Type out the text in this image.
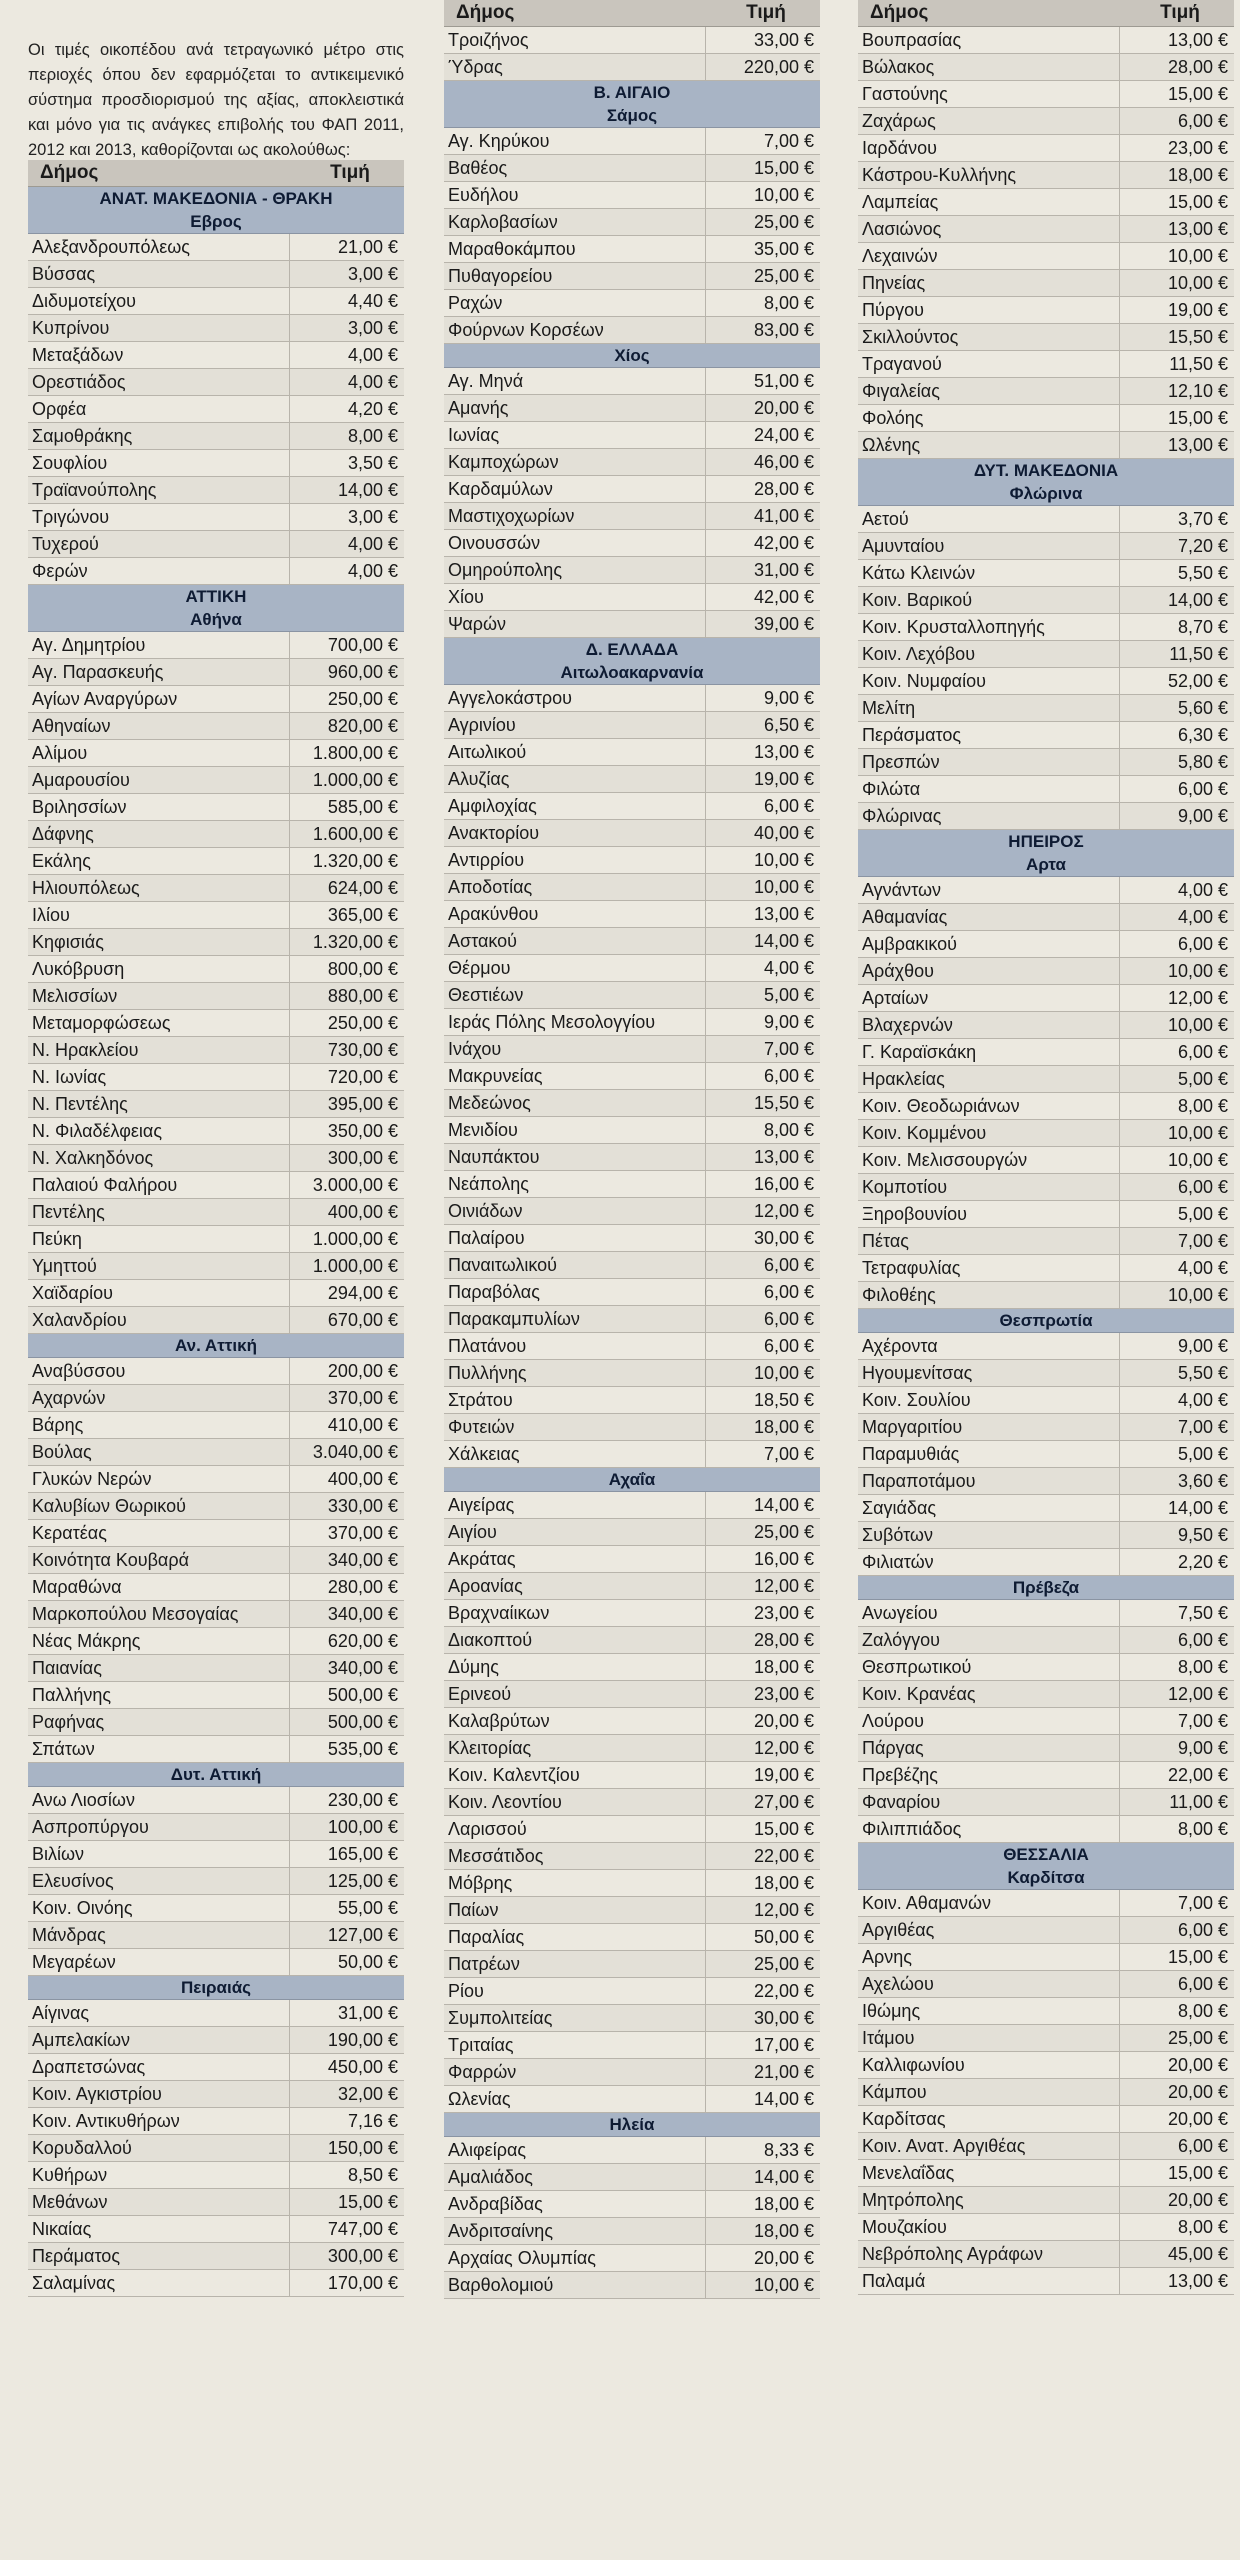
Οι τιμές οικοπέδου ανά τετραγωνικό μέτρο στις περιοχές όπου δεν εφαρμόζεται το αντικειμενικό σύστημα προσδιορισμού της αξίας, αποκλειστικά και μόνο για τις ανάγκες επιβολής του ΦΑΠ 2011, 2012 και 2013, καθορίζονται ως ακολούθως:

Δήμος	Τιμή
ΑΝΑΤ. ΜΑΚΕΔΟΝΙΑ - ΘΡΑΚΗ
Εβρος
Αλεξανδρουπόλεως	21,00 €
Βύσσας	3,00 €
Διδυμοτείχου	4,40 €
Κυπρίνου	3,00 €
Μεταξάδων	4,00 €
Ορεστιάδος	4,00 €
Ορφέα	4,20 €
Σαμοθράκης	8,00 €
Σουφλίου	3,50 €
Τραϊανούπολης	14,00 €
Τριγώνου	3,00 €
Τυχερού	4,00 €
Φερών	4,00 €
ΑΤΤΙΚΗ
Αθήνα
Αγ. Δημητρίου	700,00 €
Αγ. Παρασκευής	960,00 €
Αγίων Αναργύρων	250,00 €
Αθηναίων	820,00 €
Αλίμου	1.800,00 €
Αμαρουσίου	1.000,00 €
Βριλησσίων	585,00 €
Δάφνης	1.600,00 €
Εκάλης	1.320,00 €
Ηλιουπόλεως	624,00 €
Ιλίου	365,00 €
Κηφισιάς	1.320,00 €
Λυκόβρυση	800,00 €
Μελισσίων	880,00 €
Μεταμορφώσεως	250,00 €
Ν. Ηρακλείου	730,00 €
Ν. Ιωνίας	720,00 €
Ν. Πεντέλης	395,00 €
Ν. Φιλαδέλφειας	350,00 €
Ν. Χαλκηδόνος	300,00 €
Παλαιού Φαλήρου	3.000,00 €
Πεντέλης	400,00 €
Πεύκη	1.000,00 €
Υμηττού	1.000,00 €
Χαϊδαρίου	294,00 €
Χαλανδρίου	670,00 €
Αν. Αττική
Αναβύσσου	200,00 €
Αχαρνών	370,00 €
Βάρης	410,00 €
Βούλας	3.040,00 €
Γλυκών Νερών	400,00 €
Καλυβίων Θωρικού	330,00 €
Κερατέας	370,00 €
Κοινότητα Κουβαρά	340,00 €
Μαραθώνα	280,00 €
Μαρκοπούλου Μεσογαίας	340,00 €
Νέας Μάκρης	620,00 €
Παιανίας	340,00 €
Παλλήνης	500,00 €
Ραφήνας	500,00 €
Σπάτων	535,00 €
Δυτ. Αττική
Ανω Λιοσίων	230,00 €
Ασπροπύργου	100,00 €
Βιλίων	165,00 €
Ελευσίνος	125,00 €
Κοιν. Οινόης	55,00 €
Μάνδρας	127,00 €
Μεγαρέων	50,00 €
Πειραιάς
Αίγινας	31,00 €
Αμπελακίων	190,00 €
Δραπετσώνας	450,00 €
Κοιν. Αγκιστρίου	32,00 €
Κοιν. Αντικυθήρων	7,16 €
Κορυδαλλού	150,00 €
Κυθήρων	8,50 €
Μεθάνων	15,00 €
Νικαίας	747,00 €
Περάματος	300,00 €
Σαλαμίνας	170,00 €
Δήμος	Τιμή
Τροιζήνος	33,00 €
Ύδρας	220,00 €
Β. ΑΙΓΑΙΟ
Σάμος
Αγ. Κηρύκου	7,00 €
Βαθέος	15,00 €
Ευδήλου	10,00 €
Καρλοβασίων	25,00 €
Μαραθοκάμπου	35,00 €
Πυθαγορείου	25,00 €
Ραχών	8,00 €
Φούρνων Κορσέων	83,00 €
Χίος
Αγ. Μηνά	51,00 €
Αμανής	20,00 €
Ιωνίας	24,00 €
Καμποχώρων	46,00 €
Καρδαμύλων	28,00 €
Μαστιχοχωρίων	41,00 €
Οινουσσών	42,00 €
Ομηρούπολης	31,00 €
Χίου	42,00 €
Ψαρών	39,00 €
Δ. ΕΛΛΑΔΑ
Αιτωλοακαρνανία
Αγγελοκάστρου	9,00 €
Αγρινίου	6,50 €
Αιτωλικού	13,00 €
Αλυζίας	19,00 €
Αμφιλοχίας	6,00 €
Ανακτορίου	40,00 €
Αντιρρίου	10,00 €
Αποδοτίας	10,00 €
Αρακύνθου	13,00 €
Αστακού	14,00 €
Θέρμου	4,00 €
Θεστιέων	5,00 €
Ιεράς Πόλης Μεσολογγίου	9,00 €
Ινάχου	7,00 €
Μακρυνείας	6,00 €
Μεδεώνος	15,50 €
Μενιδίου	8,00 €
Ναυπάκτου	13,00 €
Νεάπολης	16,00 €
Οινιάδων	12,00 €
Παλαίρου	30,00 €
Παναιτωλικού	6,00 €
Παραβόλας	6,00 €
Παρακαμπυλίων	6,00 €
Πλατάνου	6,00 €
Πυλλήνης	10,00 €
Στράτου	18,50 €
Φυτειών	18,00 €
Χάλκειας	7,00 €
Αχαΐα
Αιγείρας	14,00 €
Αιγίου	25,00 €
Ακράτας	16,00 €
Αροανίας	12,00 €
Βραχναίικων	23,00 €
Διακοπτού	28,00 €
Δύμης	18,00 €
Ερινεού	23,00 €
Καλαβρύτων	20,00 €
Κλειτορίας	12,00 €
Κοιν. Καλεντζίου	19,00 €
Κοιν. Λεοντίου	27,00 €
Λαρισσού	15,00 €
Μεσσάτιδος	22,00 €
Μόβρης	18,00 €
Παίων	12,00 €
Παραλίας	50,00 €
Πατρέων	25,00 €
Ρίου	22,00 €
Συμπολιτείας	30,00 €
Τριταίας	17,00 €
Φαρρών	21,00 €
Ωλενίας	14,00 €
Ηλεία
Αλιφείρας	8,33 €
Αμαλιάδος	14,00 €
Ανδραβίδας	18,00 €
Ανδριτσαίνης	18,00 €
Αρχαίας Ολυμπίας	20,00 €
Βαρθολομιού	10,00 €
Δήμος	Τιμή
Βουπρασίας	13,00 €
Βώλακος	28,00 €
Γαστούνης	15,00 €
Ζαχάρως	6,00 €
Ιαρδάνου	23,00 €
Κάστρου-Κυλλήνης	18,00 €
Λαμπείας	15,00 €
Λασιώνος	13,00 €
Λεχαινών	10,00 €
Πηνείας	10,00 €
Πύργου	19,00 €
Σκιλλούντος	15,50 €
Τραγανού	11,50 €
Φιγαλείας	12,10 €
Φολόης	15,00 €
Ωλένης	13,00 €
ΔΥΤ. ΜΑΚΕΔΟΝΙΑ
Φλώρινα
Αετού	3,70 €
Αμυνταίου	7,20 €
Κάτω Κλεινών	5,50 €
Κοιν. Βαρικού	14,00 €
Κοιν. Κρυσταλλοπηγής	8,70 €
Κοιν. Λεχόβου	11,50 €
Κοιν. Νυμφαίου	52,00 €
Μελίτη	5,60 €
Περάσματος	6,30 €
Πρεσπών	5,80 €
Φιλώτα	6,00 €
Φλώρινας	9,00 €
ΗΠΕΙΡΟΣ
Αρτα
Αγνάντων	4,00 €
Αθαμανίας	4,00 €
Αμβρακικού	6,00 €
Αράχθου	10,00 €
Αρταίων	12,00 €
Βλαχερνών	10,00 €
Γ. Καραϊσκάκη	6,00 €
Ηρακλείας	5,00 €
Κοιν. Θεοδωριάνων	8,00 €
Κοιν. Κομμένου	10,00 €
Κοιν. Μελισσουργών	10,00 €
Κομποτίου	6,00 €
Ξηροβουνίου	5,00 €
Πέτας	7,00 €
Τετραφυλίας	4,00 €
Φιλοθέης	10,00 €
Θεσπρωτία
Αχέροντα	9,00 €
Ηγουμενίτσας	5,50 €
Κοιν. Σουλίου	4,00 €
Μαργαριτίου	7,00 €
Παραμυθιάς	5,00 €
Παραποτάμου	3,60 €
Σαγιάδας	14,00 €
Συβότων	9,50 €
Φιλιατών	2,20 €
Πρέβεζα
Ανωγείου	7,50 €
Ζαλόγγου	6,00 €
Θεσπρωτικού	8,00 €
Κοιν. Κρανέας	12,00 €
Λούρου	7,00 €
Πάργας	9,00 €
Πρεβέζης	22,00 €
Φαναρίου	11,00 €
Φιλιππιάδος	8,00 €
ΘΕΣΣΑΛΙΑ
Καρδίτσα
Κοιν. Αθαμανών	7,00 €
Αργιθέας	6,00 €
Αρνης	15,00 €
Αχελώου	6,00 €
Ιθώμης	8,00 €
Ιτάμου	25,00 €
Καλλιφωνίου	20,00 €
Κάμπου	20,00 €
Καρδίτσας	20,00 €
Κοιν. Ανατ. Αργιθέας	6,00 €
Μενελαΐδας	15,00 €
Μητρόπολης	20,00 €
Μουζακίου	8,00 €
Νεβρόπολης Αγράφων	45,00 €
Παλαμά	13,00 €
